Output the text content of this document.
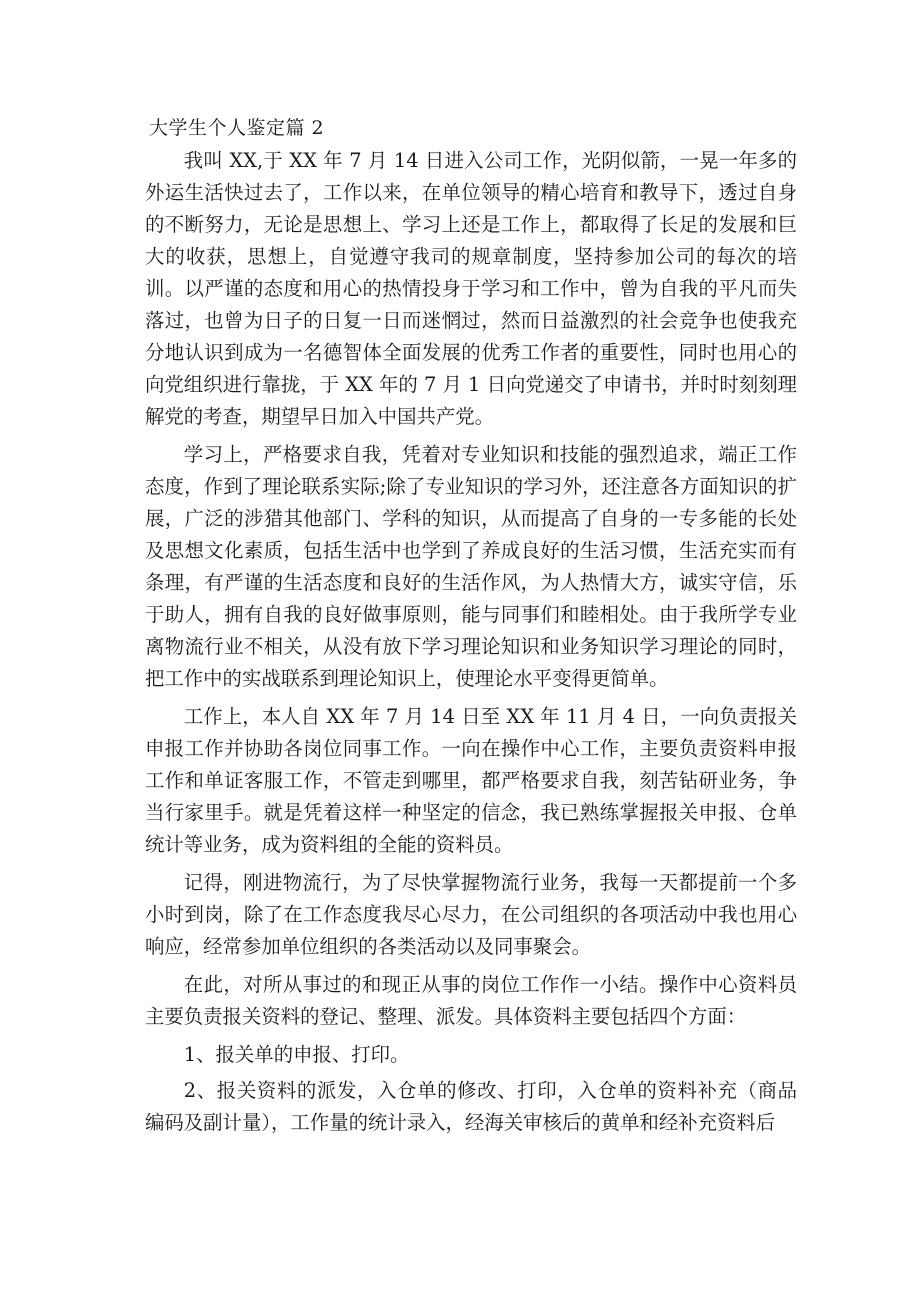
大学生个人鉴定篇 2

我叫 XX,于 XX 年 7 月 14 日进入公司工作，光阴似箭，一晃一年多的外运生活快过去了，工作以来，在单位领导的精心培育和教导下，透过自身的不断努力，无论是思想上、学习上还是工作上，都取得了长足的发展和巨大的收获，思想上，自觉遵守我司的规章制度，坚持参加公司的每次的培训。以严谨的态度和用心的热情投身于学习和工作中，曾为自我的平凡而失落过，也曾为日子的日复一日而迷惘过，然而日益激烈的社会竞争也使我充分地认识到成为一名德智体全面发展的优秀工作者的重要性，同时也用心的向党组织进行靠拢，于 XX 年的 7 月 1 日向党递交了申请书，并时时刻刻理解党的考查，期望早日加入中国共产党。

学习上，严格要求自我，凭着对专业知识和技能的强烈追求，端正工作态度，作到了理论联系实际;除了专业知识的学习外，还注意各方面知识的扩展，广泛的涉猎其他部门、学科的知识，从而提高了自身的一专多能的长处及思想文化素质，包括生活中也学到了养成良好的生活习惯，生活充实而有条理，有严谨的生活态度和良好的生活作风，为人热情大方，诚实守信，乐于助人，拥有自我的良好做事原则，能与同事们和睦相处。由于我所学专业离物流行业不相关，从没有放下学习理论知识和业务知识学习理论的同时，把工作中的实战联系到理论知识上，使理论水平变得更简单。

工作上，本人自 XX 年 7 月 14 日至 XX 年 11 月 4 日，一向负责报关申报工作并协助各岗位同事工作。一向在操作中心工作，主要负责资料申报工作和单证客服工作，不管走到哪里，都严格要求自我，刻苦钻研业务，争当行家里手。就是凭着这样一种坚定的信念，我已熟练掌握报关申报、仓单统计等业务，成为资料组的全能的资料员。

记得，刚进物流行，为了尽快掌握物流行业务，我每一天都提前一个多小时到岗，除了在工作态度我尽心尽力，在公司组织的各项活动中我也用心响应，经常参加单位组织的各类活动以及同事聚会。

在此，对所从事过的和现正从事的岗位工作作一小结。操作中心资料员主要负责报关资料的登记、整理、派发。具体资料主要包括四个方面：

1、报关单的申报、打印。

2、报关资料的派发，入仓单的修改、打印，入仓单的资料补充（商品编码及副计量），工作量的统计录入，经海关审核后的黄单和经补充资料后
